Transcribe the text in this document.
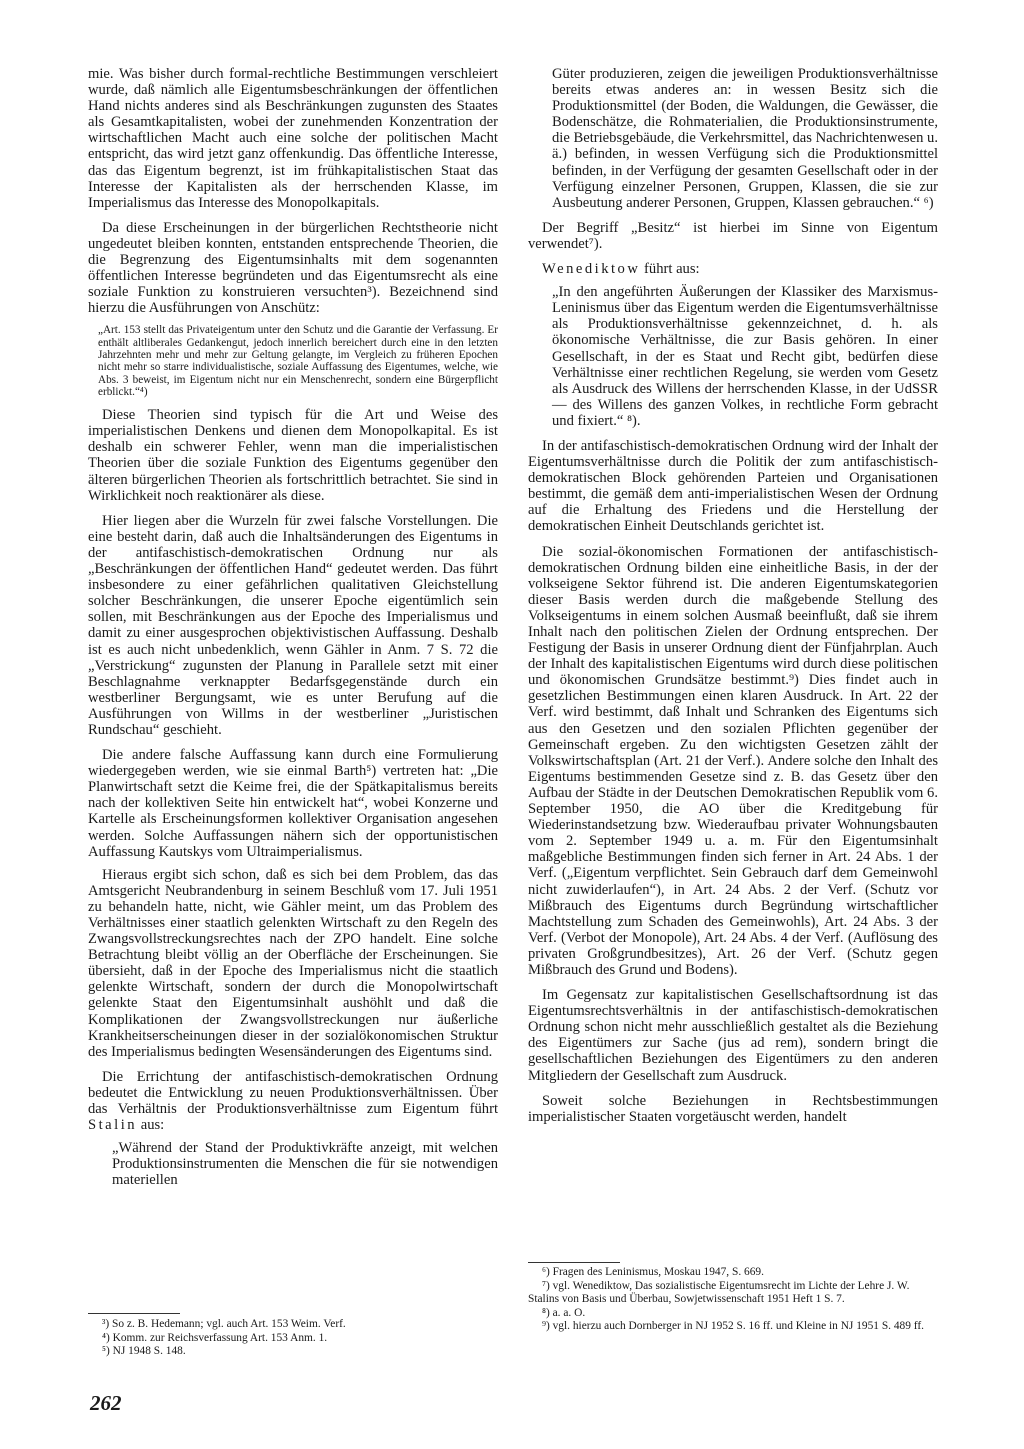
mie. Was bisher durch formal-rechtliche Bestimmungen verschleiert wurde, daß nämlich alle Eigentumsbeschränkungen der öffentlichen Hand nichts anderes sind als Beschränkungen zugunsten des Staates als Gesamtkapitalisten, wobei der zunehmenden Konzentration der wirtschaftlichen Macht auch eine solche der politischen Macht entspricht, das wird jetzt ganz offenkundig. Das öffentliche Interesse, das das Eigentum begrenzt, ist im frühkapitalistischen Staat das Interesse der Kapitalisten als der herrschenden Klasse, im Imperialismus das Interesse des Monopolkapitals.

Da diese Erscheinungen in der bürgerlichen Rechtstheorie nicht ungedeutet bleiben konnten, entstanden entsprechende Theorien, die die Begrenzung des Eigentumsinhalts mit dem sogenannten öffentlichen Interesse begründeten und das Eigentumsrecht als eine soziale Funktion zu konstruieren versuchten³). Bezeichnend sind hierzu die Ausführungen von Anschütz:

„Art. 153 stellt das Privateigentum unter den Schutz und die Garantie der Verfassung. Er enthält altliberales Gedankengut, jedoch innerlich bereichert durch eine in den letzten Jahrzehnten mehr und mehr zur Geltung gelangte, im Vergleich zu früheren Epochen nicht mehr so starre individualistische, soziale Auffassung des Eigentumes, welche, wie Abs. 3 beweist, im Eigentum nicht nur ein Menschenrecht, sondern eine Bürgerpflicht erblickt.“⁴)

Diese Theorien sind typisch für die Art und Weise des imperialistischen Denkens und dienen dem Monopolkapital. Es ist deshalb ein schwerer Fehler, wenn man die imperialistischen Theorien über die soziale Funktion des Eigentums gegenüber den älteren bürgerlichen Theorien als fortschrittlich betrachtet. Sie sind in Wirklichkeit noch reaktionärer als diese.

Hier liegen aber die Wurzeln für zwei falsche Vorstellungen. Die eine besteht darin, daß auch die Inhaltsänderungen des Eigentums in der antifaschistisch-demokratischen Ordnung nur als „Beschränkungen der öffentlichen Hand“ gedeutet werden. Das führt insbesondere zu einer gefährlichen qualitativen Gleichstellung solcher Beschränkungen, die unserer Epoche eigentümlich sein sollen, mit Beschränkungen aus der Epoche des Imperialismus und damit zu einer ausgesprochen objektivistischen Auffassung. Deshalb ist es auch nicht unbedenklich, wenn Gähler in Anm. 7 S. 72 die „Verstrickung“ zugunsten der Planung in Parallele setzt mit einer Beschlagnahme verknappter Bedarfsgegenstände durch ein westberliner Bergungsamt, wie es unter Berufung auf die Ausführungen von Willms in der westberliner „Juristischen Rundschau“ geschieht.

Die andere falsche Auffassung kann durch eine Formulierung wiedergegeben werden, wie sie einmal Barth⁵) vertreten hat: „Die Planwirtschaft setzt die Keime frei, die der Spätkapitalismus bereits nach der kollektiven Seite hin entwickelt hat“, wobei Konzerne und Kartelle als Erscheinungsformen kollektiver Organisation angesehen werden. Solche Auffassungen nähern sich der opportunistischen Auffassung Kautskys vom Ultraimperialismus.

Hieraus ergibt sich schon, daß es sich bei dem Problem, das das Amtsgericht Neubrandenburg in seinem Beschluß vom 17. Juli 1951 zu behandeln hatte, nicht, wie Gähler meint, um das Problem des Verhältnisses einer staatlich gelenkten Wirtschaft zu den Regeln des Zwangsvollstreckungsrechtes nach der ZPO handelt. Eine solche Betrachtung bleibt völlig an der Oberfläche der Erscheinungen. Sie übersieht, daß in der Epoche des Imperialismus nicht die staatlich gelenkte Wirtschaft, sondern der durch die Monopolwirtschaft gelenkte Staat den Eigentumsinhalt aushöhlt und daß die Komplikationen der Zwangsvollstreckungen nur äußerliche Krankheitserscheinungen dieser in der sozialökonomischen Struktur des Imperialismus bedingten Wesensänderungen des Eigentums sind.

Die Errichtung der antifaschistisch-demokratischen Ordnung bedeutet die Entwicklung zu neuen Produktionsverhältnissen. Über das Verhältnis der Produktionsverhältnisse zum Eigentum führt Stalin aus:

„Während der Stand der Produktivkräfte anzeigt, mit welchen Produktionsinstrumenten die Menschen die für sie notwendigen materiellen

³) So z. B. Hedemann; vgl. auch Art. 153 Weim. Verf.

⁴) Komm. zur Reichsverfassung Art. 153 Anm. 1.

⁵) NJ 1948 S. 148.

Güter produzieren, zeigen die jeweiligen Produktionsverhältnisse bereits etwas anderes an: in wessen Besitz sich die Produktionsmittel (der Boden, die Waldungen, die Gewässer, die Bodenschätze, die Rohmaterialien, die Produktionsinstrumente, die Betriebsgebäude, die Verkehrsmittel, das Nachrichtenwesen u. ä.) befinden, in wessen Verfügung sich die Produktionsmittel befinden, in der Verfügung der gesamten Gesellschaft oder in der Verfügung einzelner Personen, Gruppen, Klassen, die sie zur Ausbeutung anderer Personen, Gruppen, Klassen gebrauchen.“ ⁶)

Der Begriff „Besitz“ ist hierbei im Sinne von Eigentum verwendet⁷).

Wenediktow führt aus:

„In den angeführten Äußerungen der Klassiker des Marxismus-Leninismus über das Eigentum werden die Eigentumsverhältnisse als Produktionsverhältnisse gekennzeichnet, d. h. als ökonomische Verhältnisse, die zur Basis gehören. In einer Gesellschaft, in der es Staat und Recht gibt, bedürfen diese Verhältnisse einer rechtlichen Regelung, sie werden vom Gesetz als Ausdruck des Willens der herrschenden Klasse, in der UdSSR — des Willens des ganzen Volkes, in rechtliche Form gebracht und fixiert.“ ⁸).

In der antifaschistisch-demokratischen Ordnung wird der Inhalt der Eigentumsverhältnisse durch die Politik der zum antifaschistisch-demokratischen Block gehörenden Parteien und Organisationen bestimmt, die gemäß dem anti-imperialistischen Wesen der Ordnung auf die Erhaltung des Friedens und die Herstellung der demokratischen Einheit Deutschlands gerichtet ist.

Die sozial-ökonomischen Formationen der antifaschistisch-demokratischen Ordnung bilden eine einheitliche Basis, in der der volkseigene Sektor führend ist. Die anderen Eigentumskategorien dieser Basis werden durch die maßgebende Stellung des Volkseigentums in einem solchen Ausmaß beeinflußt, daß sie ihrem Inhalt nach den politischen Zielen der Ordnung entsprechen. Der Festigung der Basis in unserer Ordnung dient der Fünfjahrplan. Auch der Inhalt des kapitalistischen Eigentums wird durch diese politischen und ökonomischen Grundsätze bestimmt.⁹) Dies findet auch in gesetzlichen Bestimmungen einen klaren Ausdruck. In Art. 22 der Verf. wird bestimmt, daß Inhalt und Schranken des Eigentums sich aus den Gesetzen und den sozialen Pflichten gegenüber der Gemeinschaft ergeben. Zu den wichtigsten Gesetzen zählt der Volkswirtschaftsplan (Art. 21 der Verf.). Andere solche den Inhalt des Eigentums bestimmenden Gesetze sind z. B. das Gesetz über den Aufbau der Städte in der Deutschen Demokratischen Republik vom 6. September 1950, die AO über die Kreditgebung für Wiederinstandsetzung bzw. Wiederaufbau privater Wohnungsbauten vom 2. September 1949 u. a. m. Für den Eigentumsinhalt maßgebliche Bestimmungen finden sich ferner in Art. 24 Abs. 1 der Verf. („Eigentum verpflichtet. Sein Gebrauch darf dem Gemeinwohl nicht zuwiderlaufen“), in Art. 24 Abs. 2 der Verf. (Schutz vor Mißbrauch des Eigentums durch Begründung wirtschaftlicher Machtstellung zum Schaden des Gemeinwohls), Art. 24 Abs. 3 der Verf. (Verbot der Monopole), Art. 24 Abs. 4 der Verf. (Auflösung des privaten Großgrundbesitzes), Art. 26 der Verf. (Schutz gegen Mißbrauch des Grund und Bodens).

Im Gegensatz zur kapitalistischen Gesellschaftsordnung ist das Eigentumsrechtsverhältnis in der antifaschistisch-demokratischen Ordnung schon nicht mehr ausschließlich gestaltet als die Beziehung des Eigentümers zur Sache (jus ad rem), sondern bringt die gesellschaftlichen Beziehungen des Eigentümers zu den anderen Mitgliedern der Gesellschaft zum Ausdruck.

Soweit solche Beziehungen in Rechtsbestimmungen imperialistischer Staaten vorgetäuscht werden, handelt

⁶) Fragen des Leninismus, Moskau 1947, S. 669.

⁷) vgl. Wenediktow, Das sozialistische Eigentumsrecht im Lichte der Lehre J. W. Stalins von Basis und Überbau, Sowjetwissenschaft 1951 Heft 1 S. 7.

⁸) a. a. O.

⁹) vgl. hierzu auch Dornberger in NJ 1952 S. 16 ff. und Kleine in NJ 1951 S. 489 ff.

262
